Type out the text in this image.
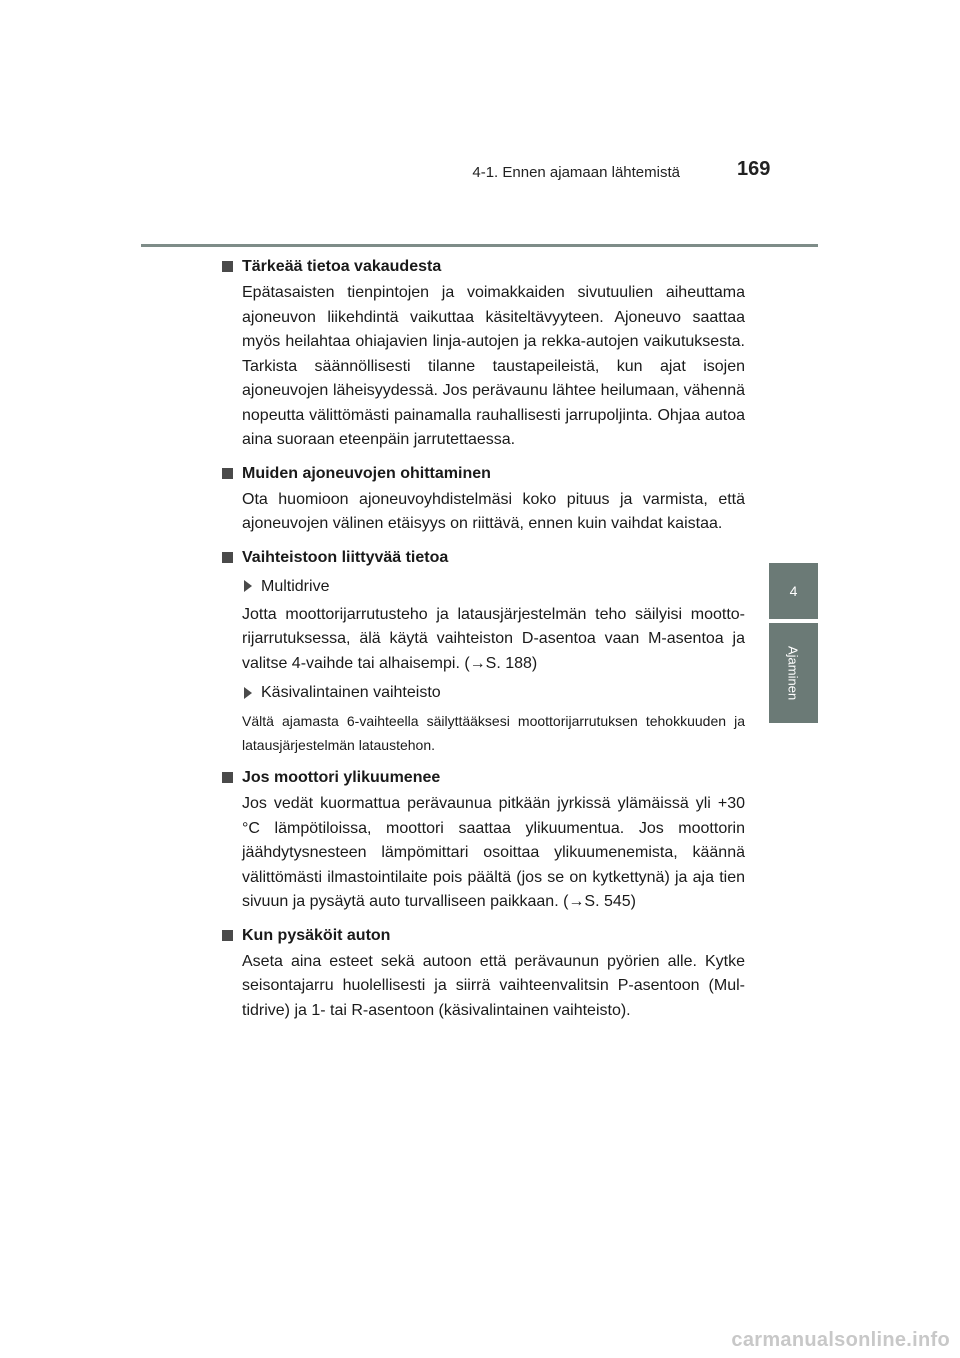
4-1. Ennen ajamaan lähtemistä	169
4
Ajaminen
Tärkeää tietoa vakaudesta

Epätasaisten tienpintojen ja voimakkaiden sivutuulien aiheuttama ajoneuvon liikehdintä vaikuttaa käsiteltävyyteen. Ajoneuvo saattaa myös heilahtaa ohiajavien linja-autojen ja rekka-autojen vaikutuksesta. Tarkista säännöllisesti tilanne taustapeileistä, kun ajat isojen ajoneuvojen läheisyydessä. Jos perävaunu lähtee heilumaan, vähennä nopeutta välittömästi painamalla rauhallisesti jarrupoljinta. Ohjaa autoa aina suoraan eteenpäin jarrutettaessa.

Muiden ajoneuvojen ohittaminen

Ota huomioon ajoneuvoyhdistelmäsi koko pituus ja varmista, että ajoneuvojen välinen etäisyys on riittävä, ennen kuin vaihdat kaistaa.

Vaihteistoon liittyvää tietoa
Multidrive

Jotta moottorijarrutusteho ja latausjärjestelmän teho säilyisi moottorijarrutuksessa, älä käytä vaihteiston D-asentoa vaan M-asentoa ja valitse 4-vaihde tai alhaisempi. (→S. 188)

Käsivalintainen vaihteisto

Vältä ajamasta 6-vaihteella säilyttääksesi moottorijarrutuksen tehokkuuden ja latausjärjestelmän lataustehon.

Jos moottori ylikuumenee

Jos vedät kuormattua perävaunua pitkään jyrkissä ylämäissä yli +30 °C lämpötiloissa, moottori saattaa ylikuumentua. Jos moottorin jäähdytysnesteen lämpömittari osoittaa ylikuumenemista, käännä välittömästi ilmastointilaite pois päältä (jos se on kytkettynä) ja aja tien sivuun ja pysäytä auto turvalliseen paikkaan. (→S. 545)

Kun pysäköit auton

Aseta aina esteet sekä autoon että perävaunun pyörien alle. Kytke seisontajarru huolellisesti ja siirrä vaihteenvalitsin P-asentoon (Multidrive) ja 1- tai R-asentoon (käsivalintainen vaihteisto).

carmanualsonline.info
